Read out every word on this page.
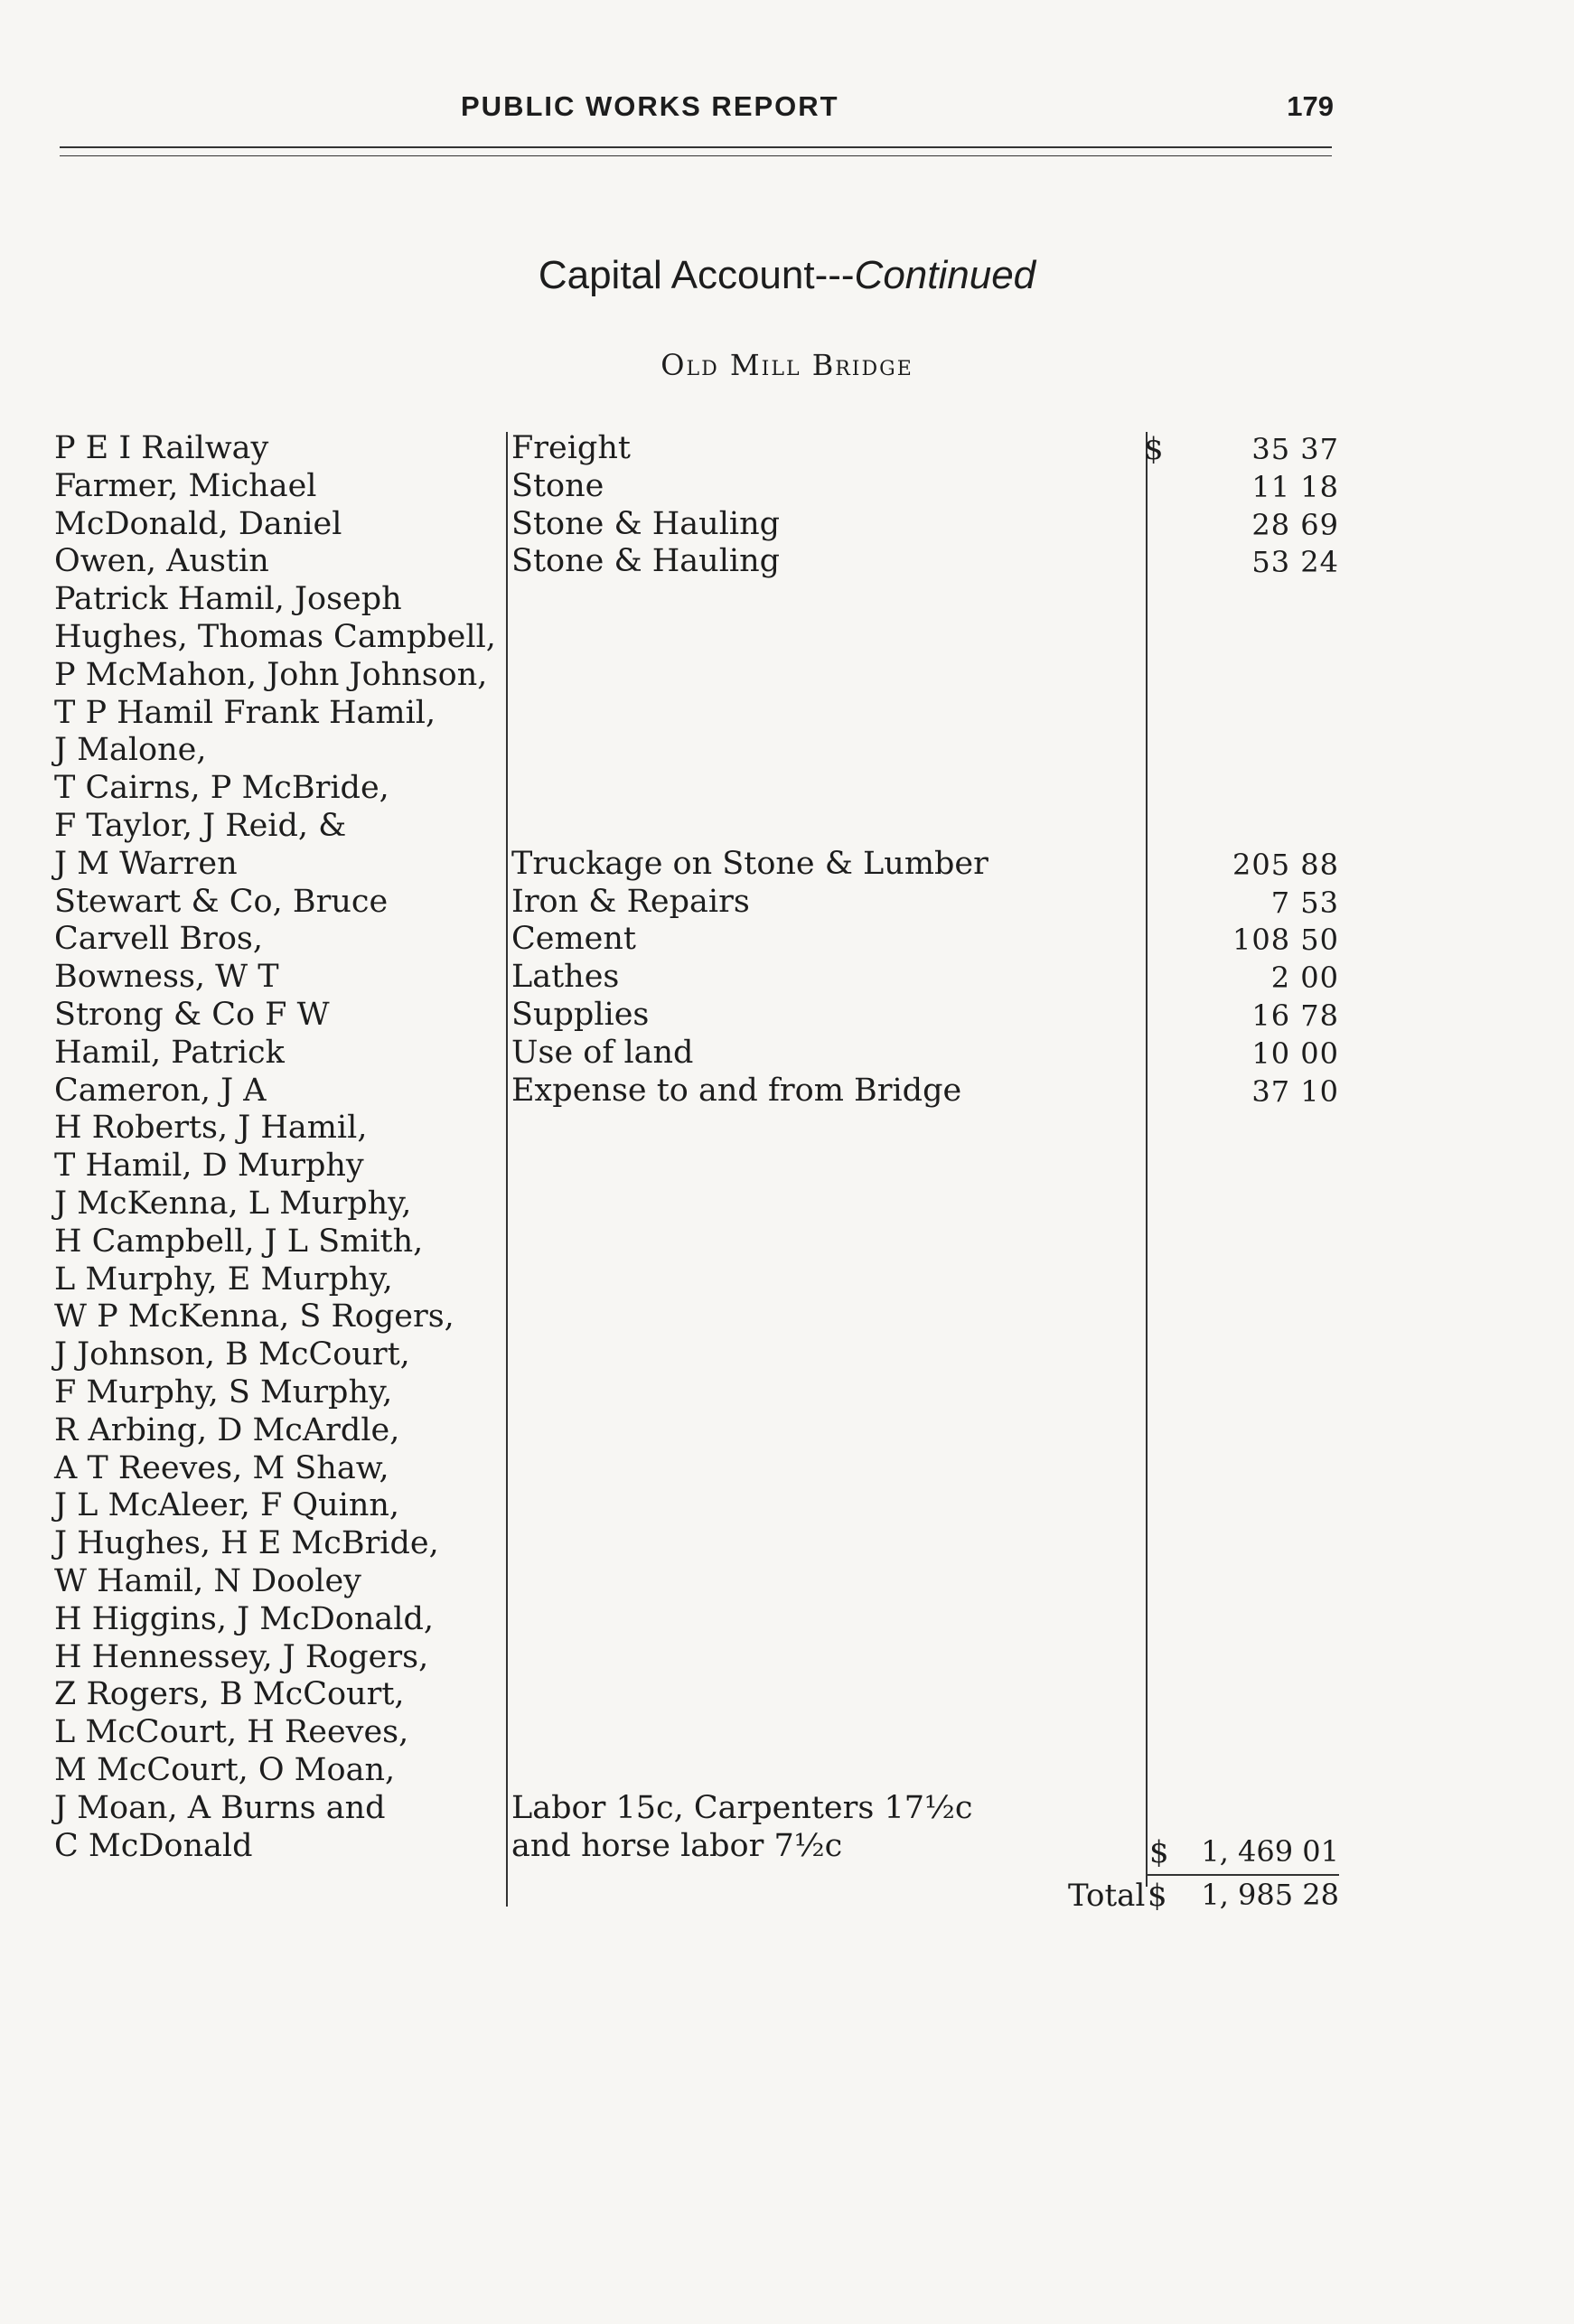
PUBLIC WORKS REPORT	179
Capital Account---Continued
Old Mill Bridge
$
P E I Railway
Farmer, Michael
McDonald, Daniel
Owen, Austin
Patrick Hamil, Joseph
Hughes, Thomas Campbell,
P McMahon, John Johnson,
T P Hamil Frank Hamil,
J Malone,
T Cairns, P McBride,
F Taylor, J Reid, &
J M Warren
Stewart & Co, Bruce
Carvell Bros,
Bowness, W T
Strong & Co F W
Hamil, Patrick
Cameron, J A
H Roberts, J Hamil,
T Hamil, D Murphy
J McKenna, L Murphy,
H Campbell, J L Smith,
L Murphy, E Murphy,
W P McKenna, S Rogers,
J Johnson, B McCourt,
F Murphy, S Murphy,
R Arbing, D McArdle,
A T Reeves, M Shaw,
J L McAleer, F Quinn,
J Hughes, H E McBride,
W Hamil, N Dooley
H Higgins, J McDonald,
H Hennessey, J Rogers,
Z Rogers, B McCourt,
L McCourt, H Reeves,
M McCourt, O Moan,
J Moan, A Burns and
C McDonald
Freight
Stone
Stone & Hauling
Stone & Hauling
Truckage on Stone & Lumber
Iron & Repairs
Cement
Lathes
Supplies
Use of land
Expense to and from Bridge
Labor 15c, Carpenters 17½c
and horse labor 7½c
35 37
11 18
28 69
53 24
205 88
7 53
108 50
2 00
16 78
10 00
37 10
$ 1, 469 01
Total $ 1, 985 28
